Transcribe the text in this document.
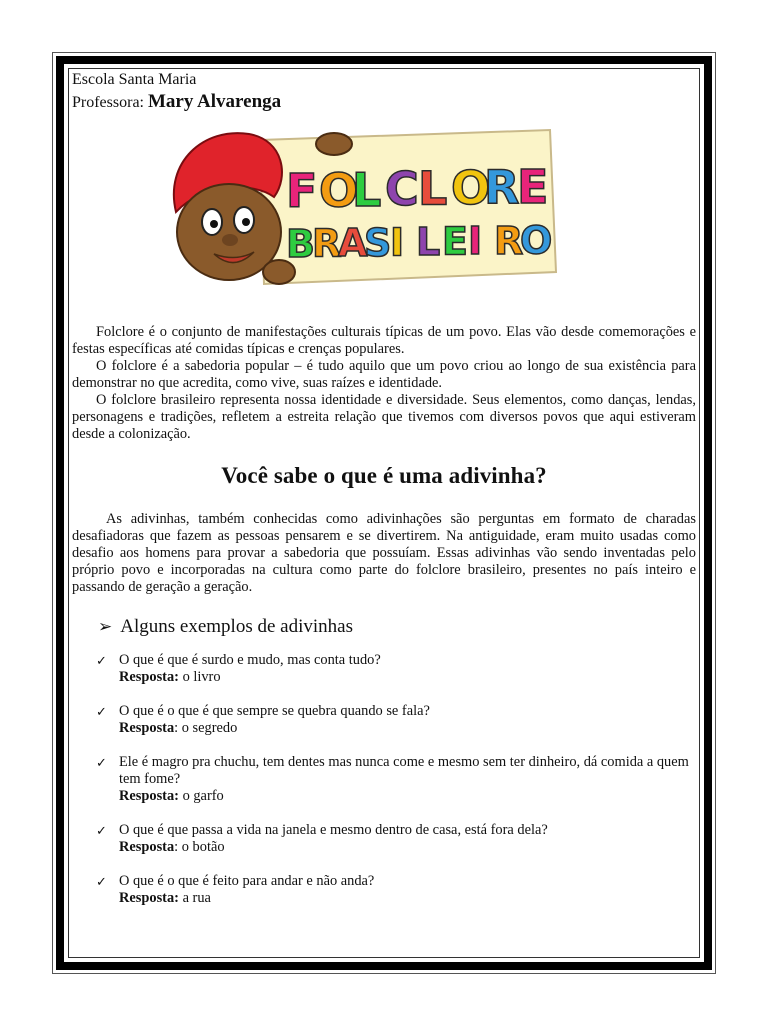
Escola Santa Maria
Professora: Mary Alvarenga
F O
L C L O
R
E
B
R
A
S
I L E I R
O

Folclore é o conjunto de manifestações culturais típicas de um povo. Elas vão desde comemorações e festas específicas até comidas típicas e crenças populares.

O folclore é a sabedoria popular – é tudo aquilo que um povo criou ao longo de sua existência para demonstrar no que acredita, como vive, suas raízes e identidade.

O folclore brasileiro representa nossa identidade e diversidade. Seus elementos, como danças, lendas, personagens e tradições, refletem a estreita relação que tivemos com diversos povos que aqui estiveram desde a colonização.

Você sabe o que é uma adivinha?

As adivinhas, também conhecidas como adivinhações são perguntas em formato de charadas desafiadoras que fazem as pessoas pensarem e se divertirem. Na antiguidade, eram muito usadas como desafio aos homens para provar a sabedoria que possuíam. Essas adivinhas vão sendo inventadas pelo próprio povo e incorporadas na cultura como parte do folclore brasileiro, presentes no país inteiro e passando de geração a geração.

➢ Alguns exemplos de adivinhas
✓ O que é que é surdo e mudo, mas conta tudo?
Resposta: o livro
✓ O que é o que é que sempre se quebra quando se fala?
Resposta: o segredo
✓ Ele é magro pra chuchu, tem dentes mas nunca come e mesmo sem ter dinheiro, dá comida a quem tem fome?
Resposta: o garfo
✓ O que é que passa a vida na janela e mesmo dentro de casa, está fora dela?
Resposta: o botão
✓ O que é o que é feito para andar e não anda?
Resposta: a rua
